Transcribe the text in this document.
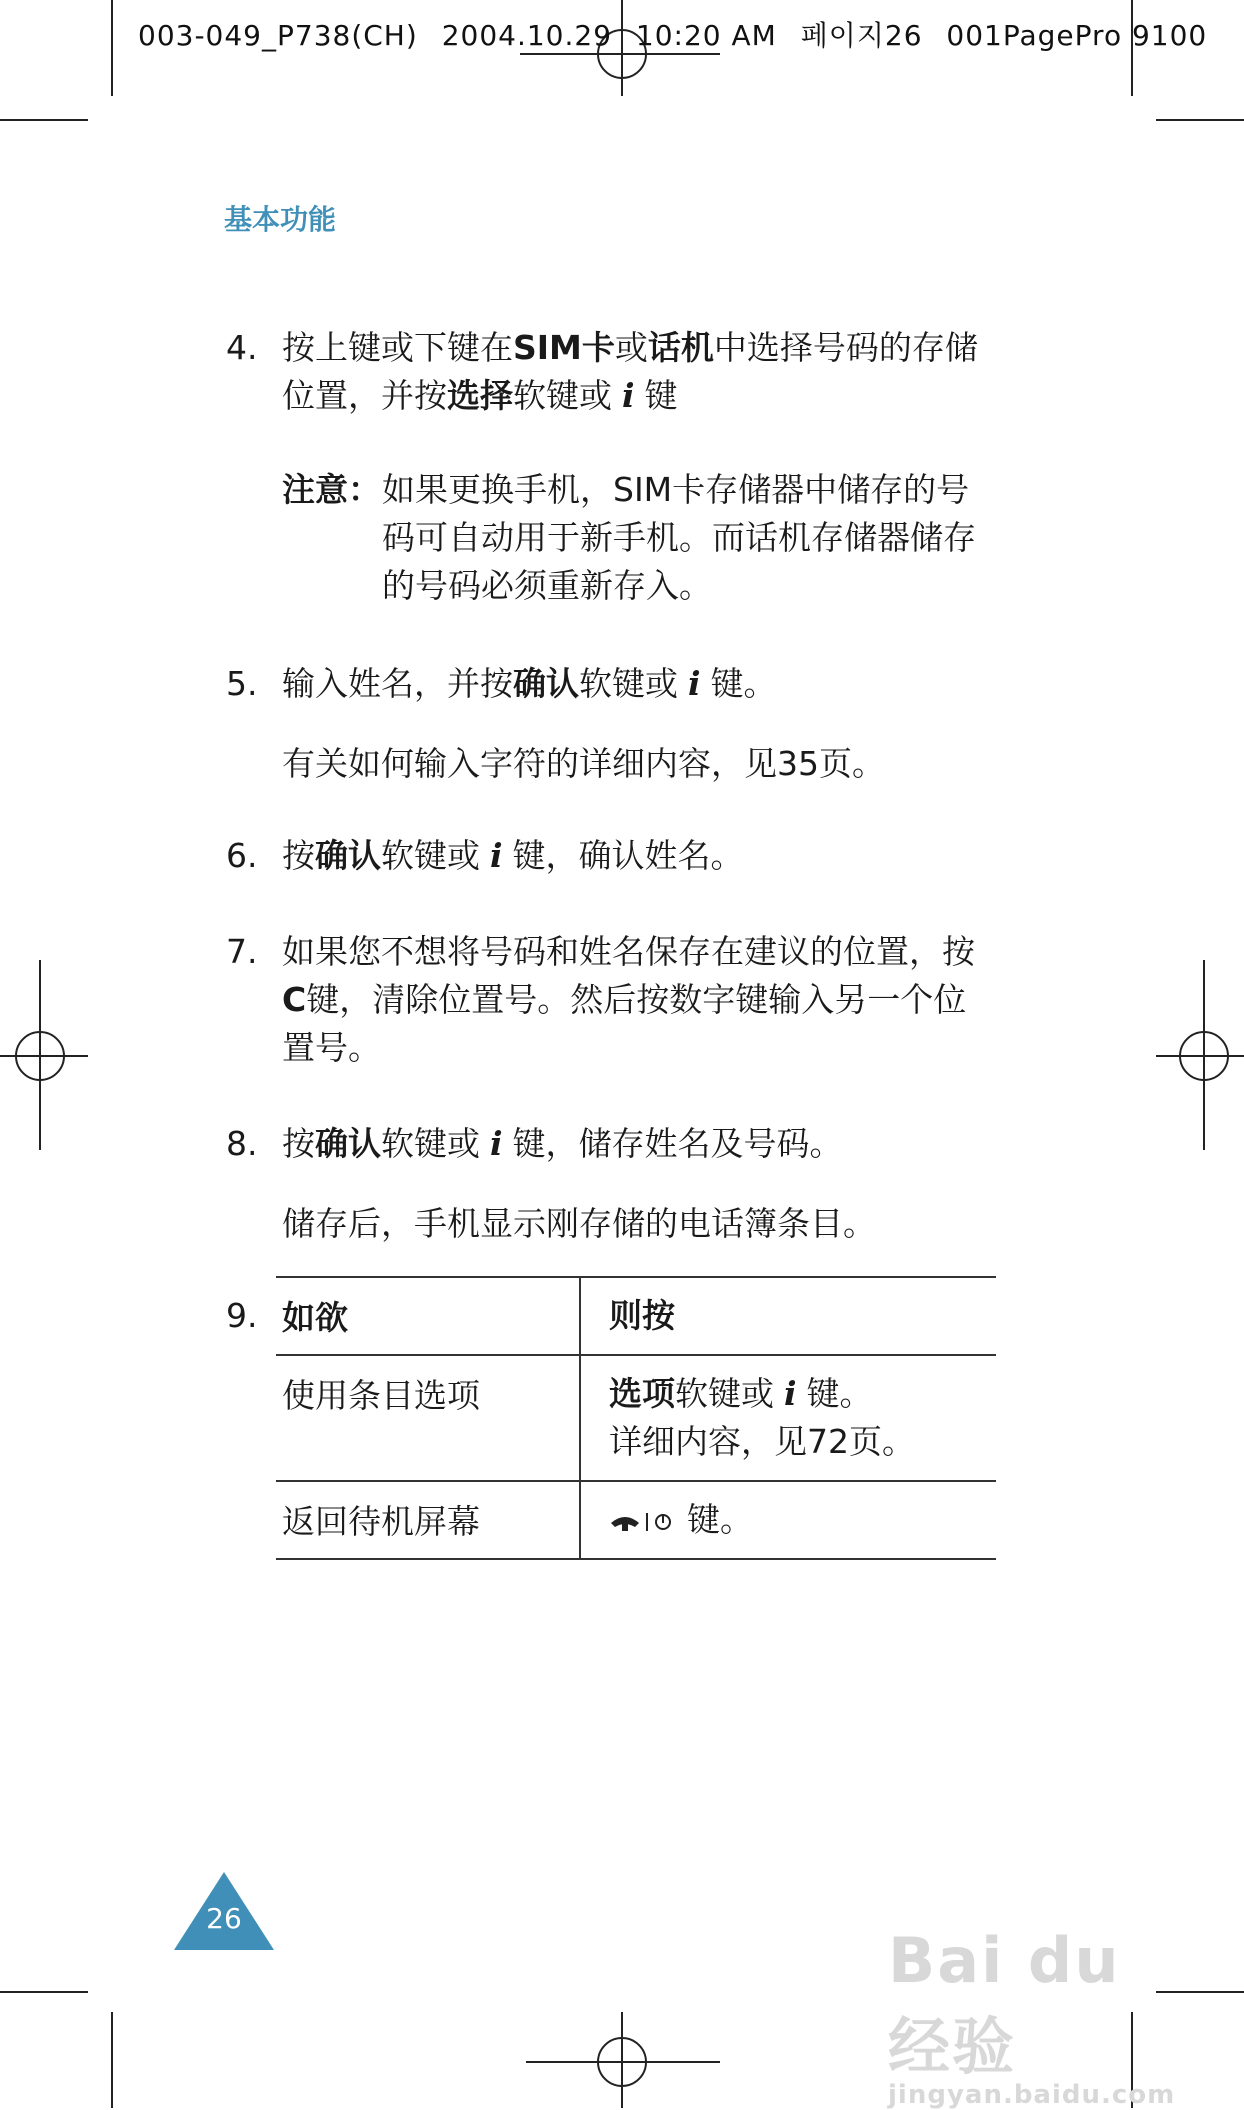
003-049_P738(CH) 2004.10.29 10:20 AM 페이지26 001PagePro 9100
基本功能
4. 按上键或下键在SIM卡或话机中选择号码的存储
位置，并按选择软键或 i 键
注意： 如果更换手机，SIM卡存储器中储存的号
码可自动用于新手机。而话机存储器储存
的号码必须重新存入。
5. 输入姓名，并按确认软键或 i 键。
有关如何输入字符的详细内容，见35页。
6. 按确认软键或 i 键，确认姓名。
7. 如果您不想将号码和姓名保存在建议的位置，按
C键，清除位置号。然后按数字键输入另一个位
置号。
8. 按确认软键或 i 键，储存姓名及号码。
储存后，手机显示刚存储的电话簿条目。
9. 如欲	则按
使用条目选项	选项软键或 i 键。
详细内容，见72页。
返回待机屏幕	键。
26
Bai du 经验
jingyan.baidu.com
